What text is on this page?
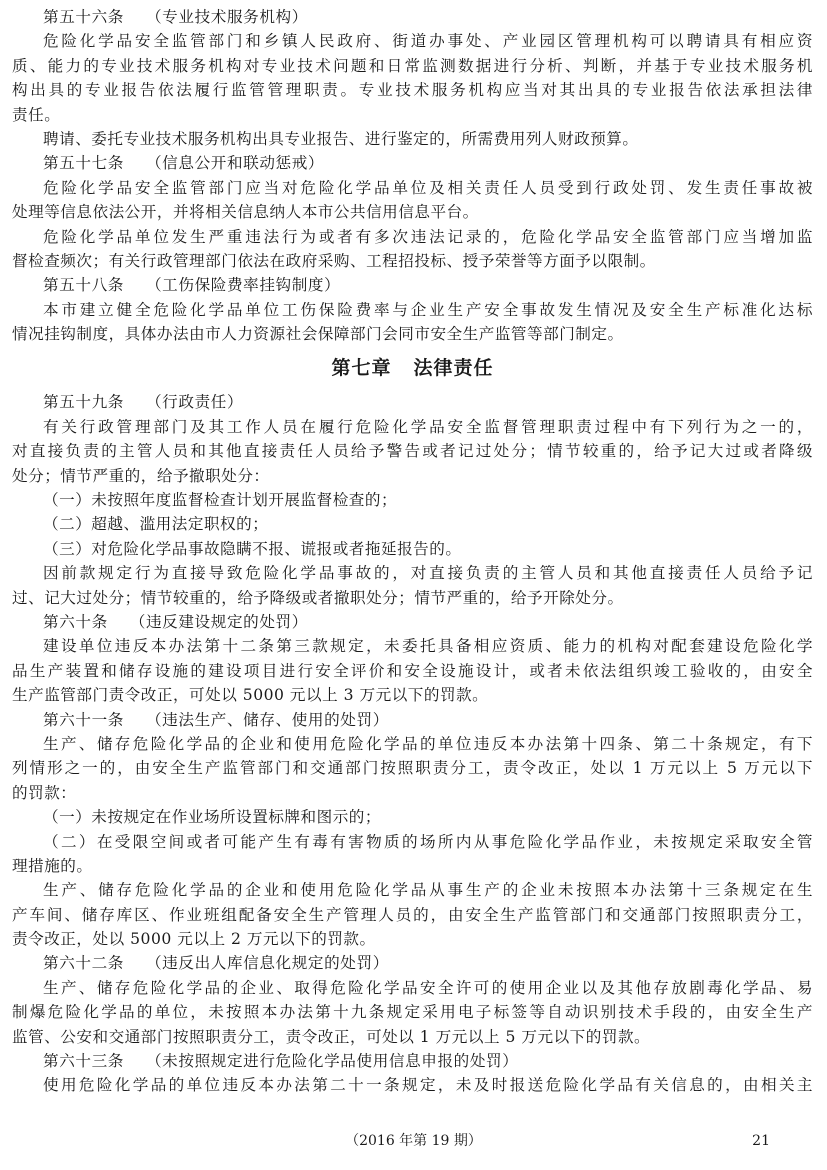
第五十六条 （专业技术服务机构）
危险化学品安全监管部门和乡镇人民政府、街道办事处、产业园区管理机构可以聘请具有相应资
质、能力的专业技术服务机构对专业技术问题和日常监测数据进行分析、判断，并基于专业技术服务机
构出具的专业报告依法履行监管管理职责。专业技术服务机构应当对其出具的专业报告依法承担法律
责任。
聘请、委托专业技术服务机构出具专业报告、进行鉴定的，所需费用列人财政预算。
第五十七条 （信息公开和联动惩戒）
危险化学品安全监管部门应当对危险化学品单位及相关责任人员受到行政处罚、发生责任事故被
处理等信息依法公开，并将相关信息纳人本市公共信用信息平台。
危险化学品单位发生严重违法行为或者有多次违法记录的，危险化学品安全监管部门应当增加监
督检查频次；有关行政管理部门依法在政府采购、工程招投标、授予荣誉等方面予以限制。
第五十八条 （工伤保险费率挂钩制度）
本市建立健全危险化学品单位工伤保险费率与企业生产安全事故发生情况及安全生产标准化达标
情况挂钩制度，具体办法由市人力资源社会保障部门会同市安全生产监管等部门制定。
第七章 法律责任
第五十九条 （行政责任）
有关行政管理部门及其工作人员在履行危险化学品安全监督管理职责过程中有下列行为之一的，
对直接负责的主管人员和其他直接责任人员给予警告或者记过处分；情节较重的，给予记大过或者降级
处分；情节严重的，给予撤职处分：
（一）未按照年度监督检查计划开展监督检查的；
（二）超越、滥用法定职权的；
（三）对危险化学品事故隐瞒不报、谎报或者拖延报告的。
因前款规定行为直接导致危险化学品事故的，对直接负责的主管人员和其他直接责任人员给予记
过、记大过处分；情节较重的，给予降级或者撤职处分；情节严重的，给予开除处分。
第六十条 （违反建设规定的处罚）
建设单位违反本办法第十二条第三款规定，未委托具备相应资质、能力的机构对配套建设危险化学
品生产装置和储存设施的建设项目进行安全评价和安全设施设计，或者未依法组织竣工验收的，由安全
生产监管部门责令改正，可处以 5000 元以上 3 万元以下的罚款。
第六十一条 （违法生产、储存、使用的处罚）
生产、储存危险化学品的企业和使用危险化学品的单位违反本办法第十四条、第二十条规定，有下
列情形之一的，由安全生产监管部门和交通部门按照职责分工，责令改正，处以 1 万元以上 5 万元以下
的罚款：
（一）未按规定在作业场所设置标牌和图示的；
（二）在受限空间或者可能产生有毒有害物质的场所内从事危险化学品作业，未按规定采取安全管
理措施的。
生产、储存危险化学品的企业和使用危险化学品从事生产的企业未按照本办法第十三条规定在生
产车间、储存库区、作业班组配备安全生产管理人员的，由安全生产监管部门和交通部门按照职责分工，
责令改正，处以 5000 元以上 2 万元以下的罚款。
第六十二条 （违反出人库信息化规定的处罚）
生产、储存危险化学品的企业、取得危险化学品安全许可的使用企业以及其他存放剧毒化学品、易
制爆危险化学品的单位，未按照本办法第十九条规定采用电子标签等自动识别技术手段的，由安全生产
监管、公安和交通部门按照职责分工，责令改正，可处以 1 万元以上 5 万元以下的罚款。
第六十三条 （未按照规定进行危险化学品使用信息申报的处罚）
使用危险化学品的单位违反本办法第二十一条规定，未及时报送危险化学品有关信息的，由相关主
（2016 年第 19 期）	21
